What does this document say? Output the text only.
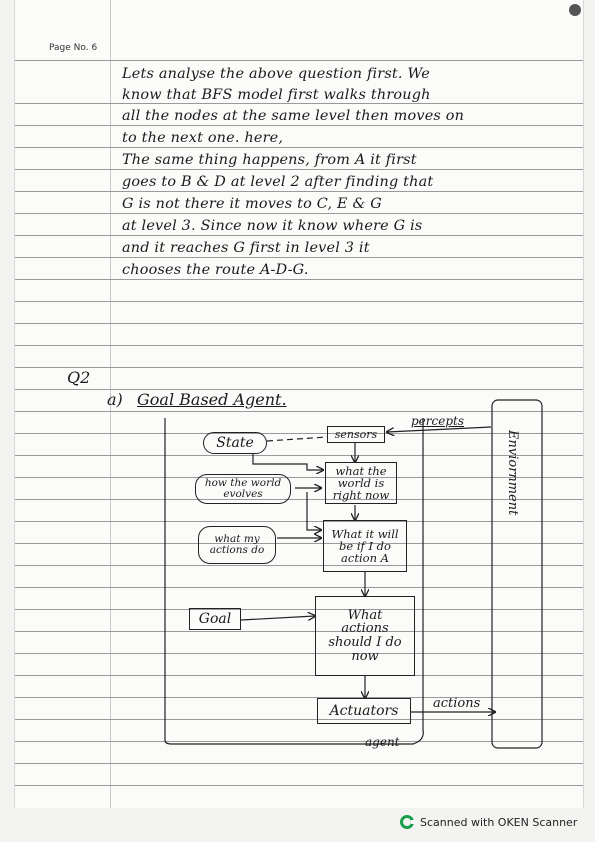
Page No. 6
Lets analyse the above question first. We
know that BFS model first walks through
all the nodes at the same level then moves on
to the next one. here,
The same thing happens, from A it first
goes to B & D at level 2 after finding that
G is not there it moves to C, E & G
at level 3. Since now it know where G is
and it reaches G first in level 3 it
chooses the route A-D-G.
Q2
a) Goal Based Agent.
sensors
percepts
Enviornment
State
how the world evolves
what my actions do
Goal
what the world is right now
What it will be if I do action A
What actions should I do now
Actuators	actions
agent
Scanned with OKEN Scanner
